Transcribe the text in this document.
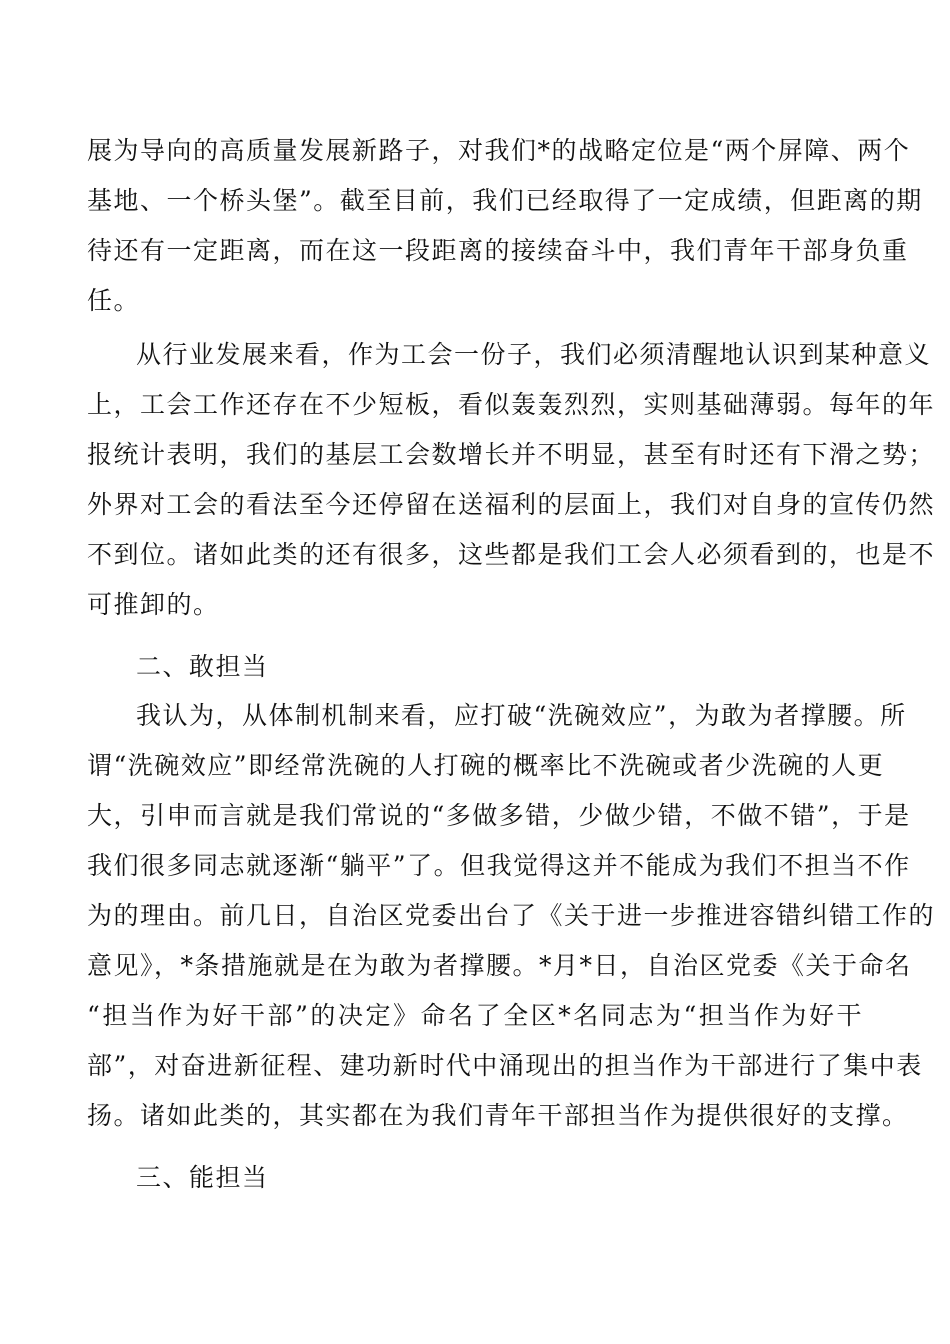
展为导向的高质量发展新路子，对我们*的战略定位是“两个屏障、两个
基地、一个桥头堡”。截至目前，我们已经取得了一定成绩，但距离的期
待还有一定距离，而在这一段距离的接续奋斗中，我们青年干部身负重
任。
从行业发展来看，作为工会一份子，我们必须清醒地认识到某种意义
上，工会工作还存在不少短板，看似轰轰烈烈，实则基础薄弱。每年的年
报统计表明，我们的基层工会数增长并不明显，甚至有时还有下滑之势；
外界对工会的看法至今还停留在送福利的层面上，我们对自身的宣传仍然
不到位。诸如此类的还有很多，这些都是我们工会人必须看到的，也是不
可推卸的。
二、敢担当
我认为，从体制机制来看，应打破“洗碗效应”，为敢为者撑腰。所
谓“洗碗效应”即经常洗碗的人打碗的概率比不洗碗或者少洗碗的人更
大，引申而言就是我们常说的“多做多错，少做少错，不做不错”，于是
我们很多同志就逐渐“躺平”了。但我觉得这并不能成为我们不担当不作
为的理由。前几日，自治区党委出台了《关于进一步推进容错纠错工作的
意见》，*条措施就是在为敢为者撑腰。*月*日，自治区党委《关于命名
“担当作为好干部”的决定》命名了全区*名同志为“担当作为好干
部”，对奋进新征程、建功新时代中涌现出的担当作为干部进行了集中表
扬。诸如此类的，其实都在为我们青年干部担当作为提供很好的支撑。
三、能担当
